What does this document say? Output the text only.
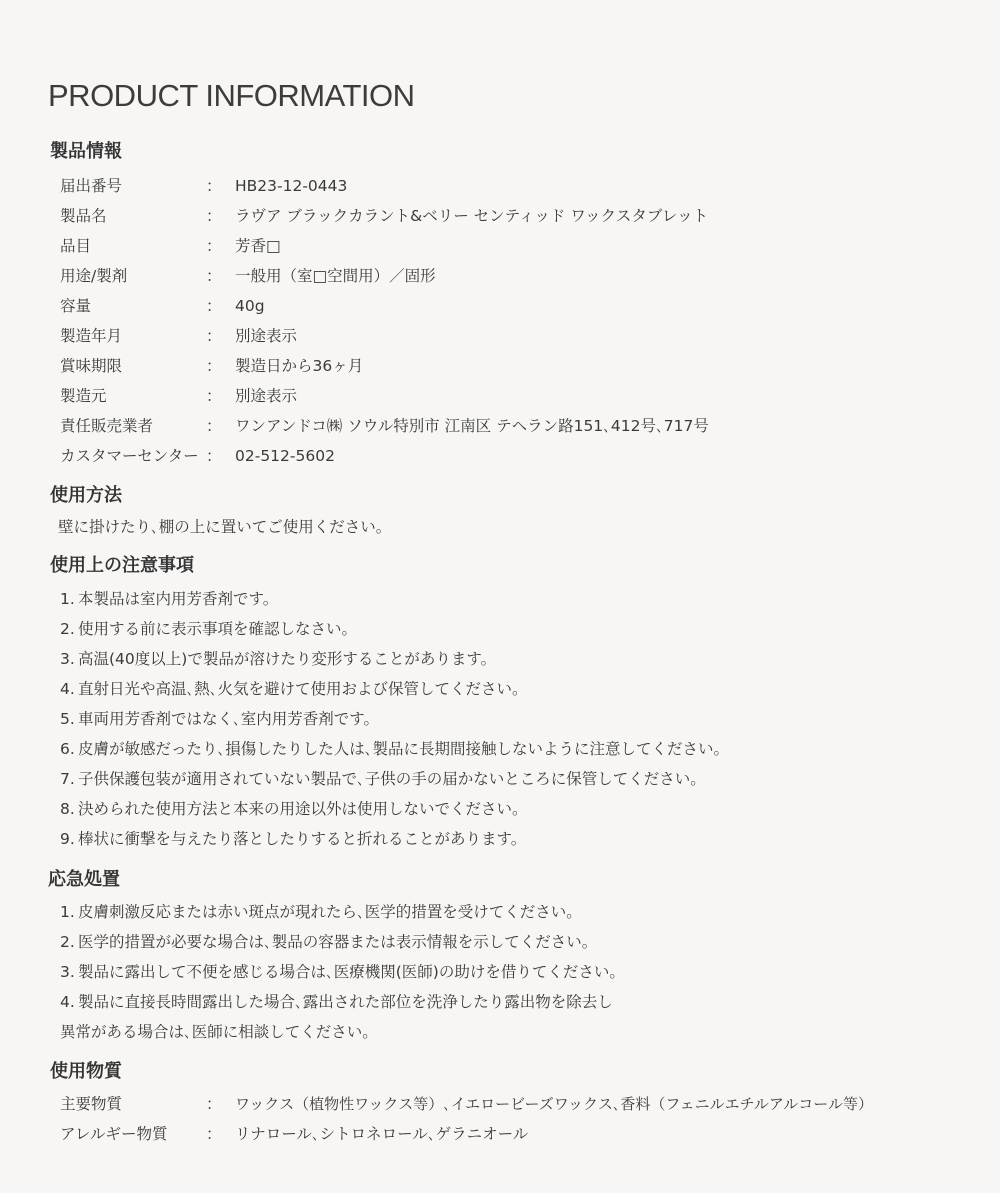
PRODUCT INFORMATION
製品情報
届出番号	： HB23-12-0443
製品名	： ラヴア ブラックカラント&ベリー センティッド ワックスタブレット
品目	： 芳香□
用途/製剤	： 一般用（室□空間用）／固形
容量	： 40g
製造年月	： 別途表示
賞味期限	： 製造日から36ヶ月
製造元	： 別途表示
責任販売業者	： ワンアンドコ㈱ ソウル特別市 江南区 テヘラン路151､412号､717号
カスタマーセンター ： 02-512-5602
使用方法
壁に掛けたり､棚の上に置いてご使用ください。
使用上の注意事項
1. 本製品は室内用芳香剤です。
2. 使用する前に表示事項を確認しなさい。
3. 高温(40度以上)で製品が溶けたり変形することがあります。
4. 直射日光や高温､熱､火気を避けて使用および保管してください。
5. 車両用芳香剤ではなく､室内用芳香剤です。
6. 皮膚が敏感だったり､損傷したりした人は､製品に長期間接触しないように注意してください。
7. 子供保護包装が適用されていない製品で､子供の手の届かないところに保管してください。
8. 決められた使用方法と本来の用途以外は使用しないでください。
9. 棒状に衝撃を与えたり落としたりすると折れることがあります。
応急処置
1. 皮膚刺激反応または赤い斑点が現れたら､医学的措置を受けてください。
2. 医学的措置が必要な場合は､製品の容器または表示情報を示してください。
3. 製品に露出して不便を感じる場合は､医療機関(医師)の助けを借りてください。
4. 製品に直接長時間露出した場合､露出された部位を洗浄したり露出物を除去し
異常がある場合は､医師に相談してください。
使用物質
主要物質	： ワックス（植物性ワックス等）､イエロービーズワックス､香料（フェニルエチルアルコール等）
アレルギー物質 ： リナロール､シトロネロール､ゲラニオール
